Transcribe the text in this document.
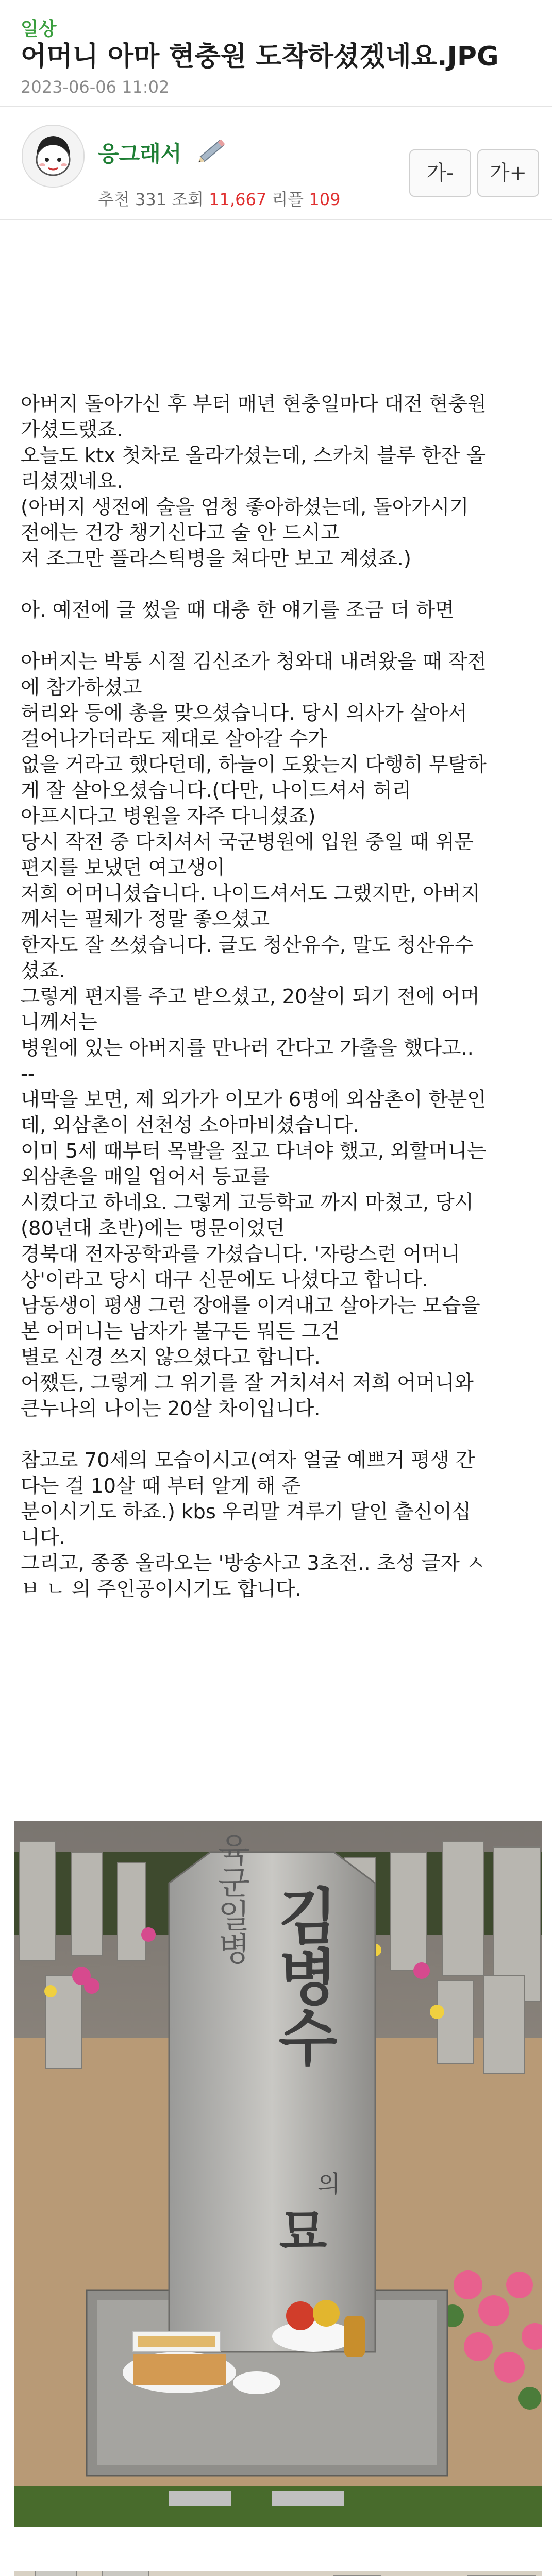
일상
어머니 아마 현충원 도착하셨겠네요.JPG
2023-06-06 11:02
응그래서
추천 331 조회 11,667 리플 109
가-	가+

아버지 돌아가신 후 부터 매년 현충일마다 대전 현충원

가셨드랬죠.

오늘도 ktx 첫차로 올라가셨는데, 스카치 블루 한잔 올

리셨겠네요.

(아버지 생전에 술을 엄청 좋아하셨는데, 돌아가시기

전에는 건강 챙기신다고 술 안 드시고

저 조그만 플라스틱병을 쳐다만 보고 계셨죠.)

아. 예전에 글 썼을 때 대충 한 얘기를 조금 더 하면

아버지는 박통 시절 김신조가 청와대 내려왔을 때 작전

에 참가하셨고

허리와 등에 총을 맞으셨습니다. 당시 의사가 살아서

걸어나가더라도 제대로 살아갈 수가

없을 거라고 했다던데, 하늘이 도왔는지 다행히 무탈하

게 잘 살아오셨습니다.(다만, 나이드셔서 허리

아프시다고 병원을 자주 다니셨죠)

당시 작전 중 다치셔서 국군병원에 입원 중일 때 위문

편지를 보냈던 여고생이

저희 어머니셨습니다. 나이드셔서도 그랬지만, 아버지

께서는 필체가 정말 좋으셨고

한자도 잘 쓰셨습니다. 글도 청산유수, 말도 청산유수

셨죠.

그렇게 편지를 주고 받으셨고, 20살이 되기 전에 어머

니께서는

병원에 있는 아버지를 만나러 간다고 가출을 했다고..

--

내막을 보면, 제 외가가 이모가 6명에 외삼촌이 한분인

데, 외삼촌이 선천성 소아마비셨습니다.

이미 5세 때부터 목발을 짚고 다녀야 했고, 외할머니는

외삼촌을 매일 업어서 등교를

시켰다고 하네요. 그렇게 고등학교 까지 마쳤고, 당시

(80년대 초반)에는 명문이었던

경북대 전자공학과를 가셨습니다. '자랑스런 어머니

상'이라고 당시 대구 신문에도 나셨다고 합니다.

남동생이 평생 그런 장애를 이겨내고 살아가는 모습을

본 어머니는 남자가 불구든 뭐든 그건

별로 신경 쓰지 않으셨다고 합니다.

어쨌든, 그렇게 그 위기를 잘 거치셔서 저희 어머니와

큰누나의 나이는 20살 차이입니다.

참고로 70세의 모습이시고(여자 얼굴 예쁘거 평생 간

다는 걸 10살 때 부터 알게 해 준

분이시기도 하죠.) kbs 우리말 겨루기 달인 출신이십

니다.

그리고, 종종 올라오는 '방송사고 3초전.. 초성 글자 ㅅ

ㅂ ㄴ 의 주인공이시기도 합니다.

육군일병 김병수
의
묘
